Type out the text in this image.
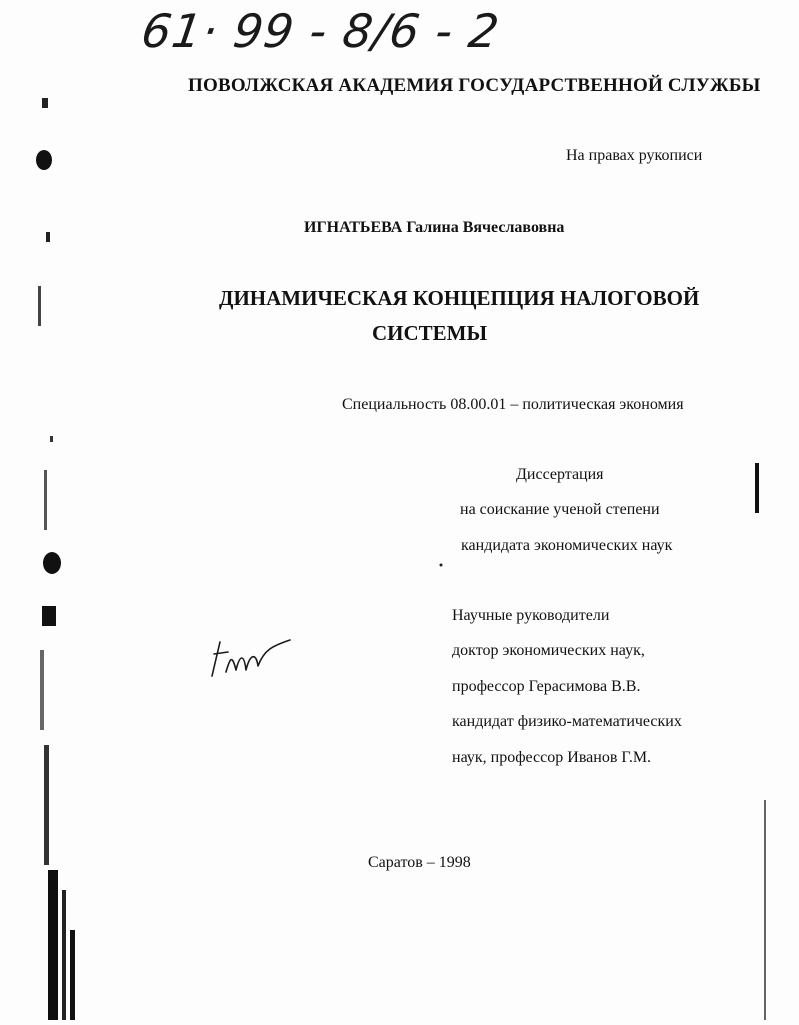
61· 99 - 8/6 - 2
ПОВОЛЖСКАЯ АКАДЕМИЯ ГОСУДАРСТВЕННОЙ СЛУЖБЫ
На правах рукописи
ИГНАТЬЕВА Галина Вячеславовна
ДИНАМИЧЕСКАЯ КОНЦЕПЦИЯ НАЛОГОВОЙ
СИСТЕМЫ
Специальность 08.00.01 – политическая экономия
Диссертация
на соискание ученой степени
кандидата экономических наук
Научные руководители
доктор экономических наук,
профессор Герасимова В.В.
кандидат физико-математических
наук, профессор Иванов Г.М.
Саратов – 1998
